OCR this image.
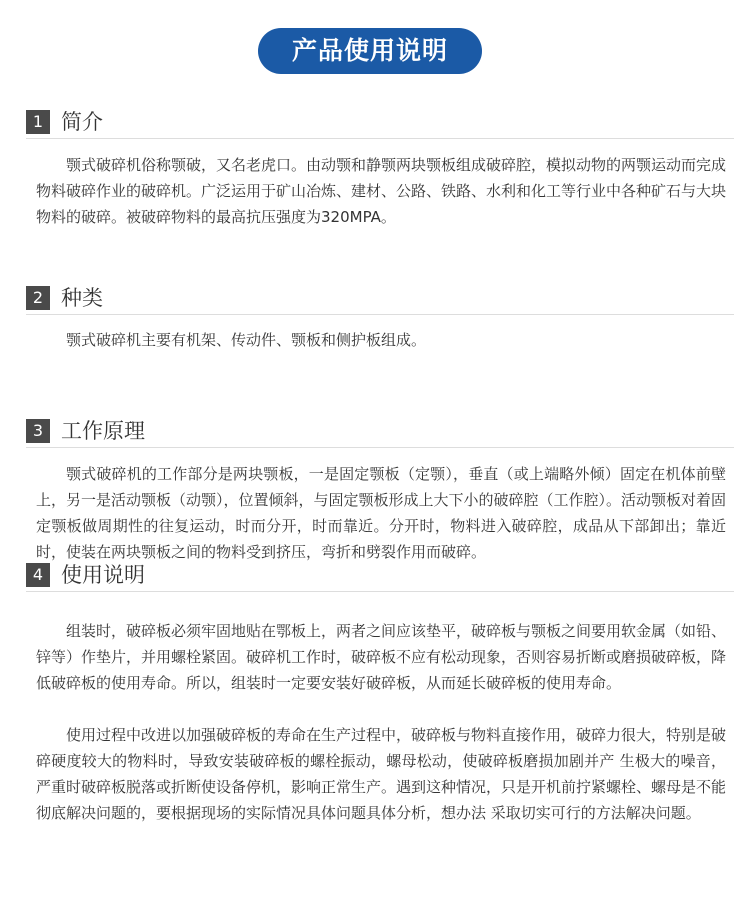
产品使用说明
1 简介

颚式破碎机俗称颚破，又名老虎口。由动颚和静颚两块颚板组成破碎腔，模拟动物的两颚运动而完成物料破碎作业的破碎机。广泛运用于矿山冶炼、建材、公路、铁路、水利和化工等行业中各种矿石与大块物料的破碎。被破碎物料的最高抗压强度为320MPA。

2 种类

颚式破碎机主要有机架、传动件、颚板和侧护板组成。

3 工作原理

颚式破碎机的工作部分是两块颚板，一是固定颚板（定颚），垂直（或上端略外倾）固定在机体前壁上，另一是活动颚板（动颚），位置倾斜，与固定颚板形成上大下小的破碎腔（工作腔）。活动颚板对着固定颚板做周期性的往复运动，时而分开，时而靠近。分开时，物料进入破碎腔，成品从下部卸出；靠近时，使装在两块颚板之间的物料受到挤压，弯折和劈裂作用而破碎。

4 使用说明

组装时，破碎板必须牢固地贴在鄂板上，两者之间应该垫平，破碎板与颚板之间要用软金属（如铅、锌等）作垫片，并用螺栓紧固。破碎机工作时，破碎板不应有松动现象，否则容易折断或磨损破碎板，降低破碎板的使用寿命。所以，组装时一定要安装好破碎板，从而延长破碎板的使用寿命。

使用过程中改进以加强破碎板的寿命在生产过程中，破碎板与物料直接作用，破碎力很大，特别是破碎硬度较大的物料时，导致安装破碎板的螺栓振动，螺母松动，使破碎板磨损加剧并产 生极大的噪音，严重时破碎板脱落或折断使设备停机，影响正常生产。遇到这种情况，只是开机前拧紧螺栓、螺母是不能彻底解决问题的，要根据现场的实际情况具体问题具体分析，想办法 采取切实可行的方法解决问题。
